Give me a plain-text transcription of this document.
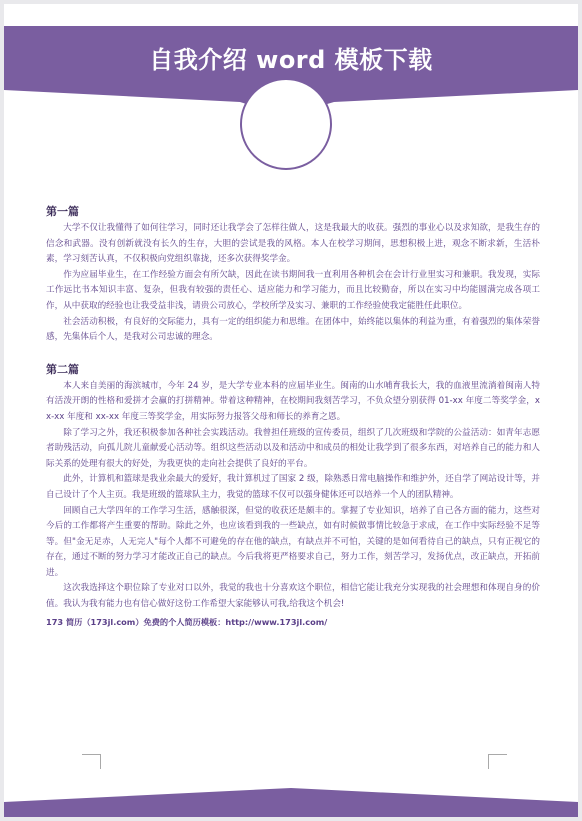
自我介绍 word 模板下载
第一篇

大学不仅让我懂得了如何往学习，同时还让我学会了怎样往做人，这是我最大的收获。强烈的事业心以及求知欲，是我生存的信念和武器。没有创新就没有长久的生存，大胆的尝试是我的风格。本人在校学习期间，思想积极上进，观念不断求新，生活朴素，学习刻苦认真，不仅积极向党组织靠拢，还多次获得奖学金。

作为应届毕业生，在工作经验方面会有所欠缺，因此在读书期间我一直利用各种机会在会计行业里实习和兼职。我发现，实际工作远比书本知识丰富、复杂，但我有较强的责任心、适应能力和学习能力，而且比较勤奋，所以在实习中均能圆满完成各项工作，从中获取的经验也让我受益非浅，请贵公司放心，学校所学及实习、兼职的工作经验使我定能胜任此职位。

社会活动积极，有良好的交际能力，具有一定的组织能力和思维。在团体中，始终能以集体的利益为重，有着强烈的集体荣誉感，先集体后个人，是我对公司忠诚的理念。

第二篇

本人来自美丽的海滨城市，今年 24 岁，是大学专业本科的应届毕业生。闽南的山水哺育我长大，我的血液里流淌着闽南人特有活泼开朗的性格和爱拼才会赢的打拼精神。带着这种精神，在校期间我刻苦学习，不负众望分别获得 01-xx 年度二等奖学金，xx-xx 年度和 xx-xx 年度三等奖学金，用实际努力报答父母和师长的养育之恩。

除了学习之外，我还积极参加各种社会实践活动。我曾担任班级的宣传委员，组织了几次班级和学院的公益活动：如青年志愿者助残活动，向孤儿院儿童献爱心活动等。组织这些活动以及和活动中和成员的相处让我学到了很多东西，对培养自己的能力和人际关系的处理有很大的好处，为我更快的走向社会提供了良好的平台。

此外，计算机和篮球是我业余最大的爱好，我计算机过了国家 2 级，除熟悉日常电脑操作和维护外，还自学了网站设计等，并自己设计了个人主页。我是班级的篮球队主力，我觉的篮球不仅可以强身健体还可以培养一个人的团队精神。

回顾自己大学四年的工作学习生活，感触很深，但觉的收获还是颇丰的。掌握了专业知识，培养了自己各方面的能力，这些对今后的工作都将产生重要的帮助。除此之外，也应该看到我的一些缺点，如有时候做事情比较急于求成，在工作中实际经验不足等等。但"金无足赤，人无完人"每个人都不可避免的存在他的缺点，有缺点并不可怕，关键的是如何看待自己的缺点，只有正视它的存在，通过不断的努力学习才能改正自己的缺点。今后我将更严格要求自己，努力工作，刻苦学习，发扬优点，改正缺点，开拓前进。

这次我选择这个职位除了专业对口以外，我觉的我也十分喜欢这个职位，相信它能让我充分实现我的社会理想和体现自身的价值。我认为我有能力也有信心做好这份工作希望大家能够认可我,给我这个机会!

173 简历（173jl.com）免费的个人简历模板：http://www.173jl.com/
